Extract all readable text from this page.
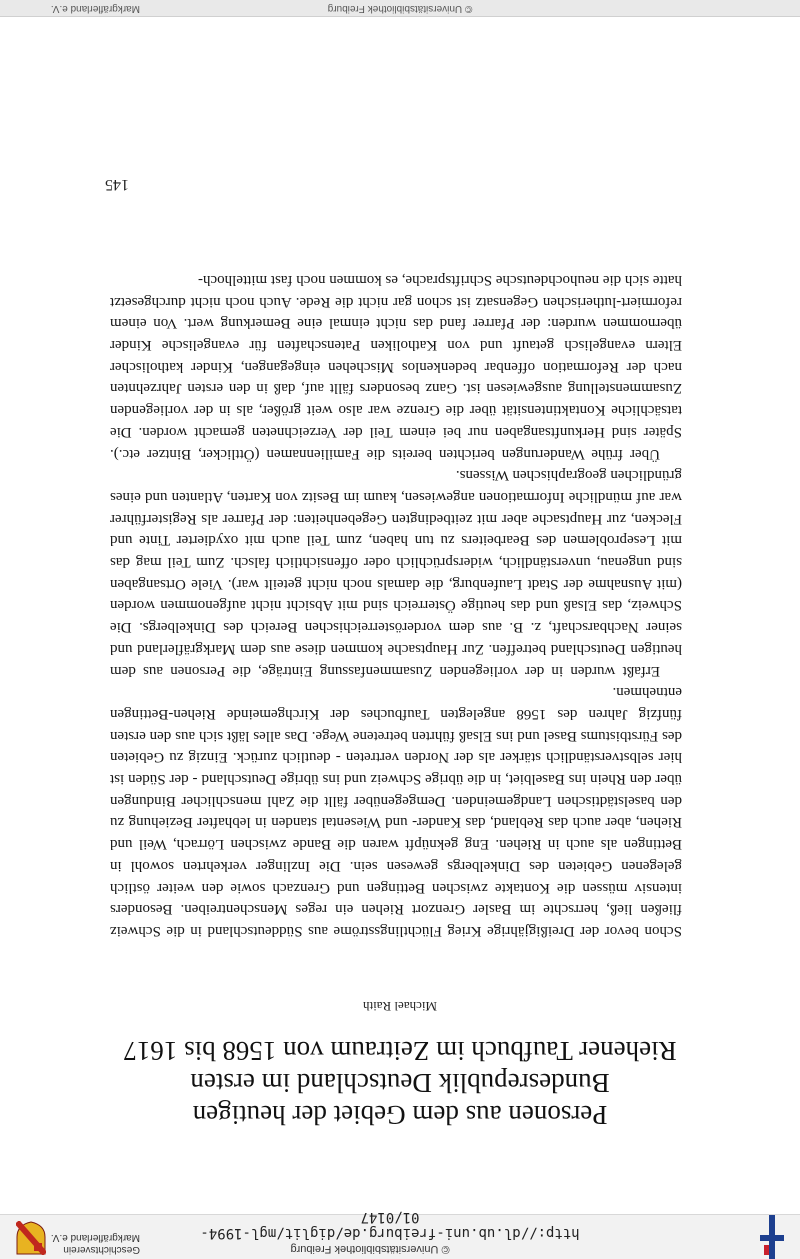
http://dl.ub.uni-freiburg.de/diglit/mgl-1994-01/0147
© Universitätsbibliothek Freiburg
Geschichtsverein
Markgräflerland e.V.
Personen aus dem Gebiet der heutigen
Bundesrepublik Deutschland im ersten
Riehener Taufbuch im Zeitraum von 1568 bis 1617
Michael Raith

Schon bevor der Dreißigjährige Krieg Flüchtlingsströme aus Süddeutschland in die Schweiz fließen ließ, herrschte im Basler Grenzort Riehen ein reges Menschentreiben. Besonders intensiv müssen die Kontakte zwischen Bettingen und Grenzach sowie den weiter östlich gelegenen Gebieten des Dinkelbergs gewesen sein. Die Inzlinger verkehrten sowohl in Bettingen als auch in Riehen. Eng geknüpft waren die Bande zwischen Lörrach, Weil und Riehen, aber auch das Rebland, das Kander- und Wiesental standen in lebhafter Beziehung zu den baselstädtischen Landgemeinden. Demgegenüber fällt die Zahl menschlicher Bindungen über den Rhein ins Baselbiet, in die übrige Schweiz und ins übrige Deutschland - der Süden ist hier selbstverständlich stärker als der Norden vertreten - deutlich zurück. Einzig zu Gebieten des Fürstbistums Basel und ins Elsaß führten betretene Wege. Das alles läßt sich aus den ersten fünfzig Jahren des 1568 angelegten Taufbuches der Kirchgemeinde Riehen-Bettingen entnehmen.

Erfaßt wurden in der vorliegenden Zusammenfassung Einträge, die Personen aus dem heutigen Deutschland betreffen. Zur Hauptsache kommen diese aus dem Markgräflerland und seiner Nachbarschaft, z. B. aus dem vorderösterreichischen Bereich des Dinkelbergs. Die Schweiz, das Elsaß und das heutige Österreich sind mit Absicht nicht aufgenommen worden (mit Ausnahme der Stadt Laufenburg, die damals noch nicht geteilt war). Viele Ortsangaben sind ungenau, unverständlich, widersprüchlich oder offensichtlich falsch. Zum Teil mag das mit Leseproblemen des Bearbeiters zu tun haben, zum Teil auch mit oxydierter Tinte und Flecken, zur Hauptsache aber mit zeitbedingten Gegebenheiten: der Pfarrer als Registerführer war auf mündliche Informationen angewiesen, kaum im Besitz von Karten, Atlanten und eines gründlichen geographischen Wissens.

Über frühe Wanderungen berichten bereits die Familiennamen (Öttlicker, Bintzer etc.). Später sind Herkunftsangaben nur bei einem Teil der Verzeichneten gemacht worden. Die tatsächliche Kontaktintensität über die Grenze war also weit größer, als in der vorliegenden Zusammenstellung ausgewiesen ist. Ganz besonders fällt auf, daß in den ersten Jahrzehnten nach der Reformation offenbar bedenkenlos Mischehen eingegangen, Kinder katholischer Eltern evangelisch getauft und von Katholiken Patenschaften für evangelische Kinder übernommen wurden: der Pfarrer fand das nicht einmal eine Bemerkung wert. Von einem reformiert-lutherischen Gegensatz ist schon gar nicht die Rede. Auch noch nicht durchgesetzt hatte sich die neuhochdeutsche Schriftsprache, es kommen noch fast mittelhoch-

145
© Universitätsbibliothek Freiburg
Markgräflerland e.V.
